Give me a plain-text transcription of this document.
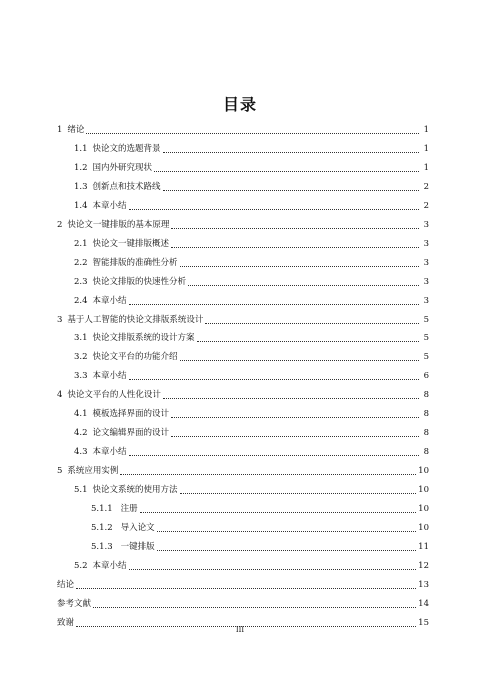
目录
1 绪论	1
1.1 快论文的选题背景	1
1.2 国内外研究现状	1
1.3 创新点和技术路线	2
1.4 本章小结	2
2 快论文一键排版的基本原理	3
2.1 快论文一键排版概述	3
2.2 智能排版的准确性分析	3
2.3 快论文排版的快速性分析	3
2.4 本章小结	3
3 基于人工智能的快论文排版系统设计	5
3.1 快论文排版系统的设计方案	5
3.2 快论文平台的功能介绍	5
3.3 本章小结	6
4 快论文平台的人性化设计	8
4.1 模板选择界面的设计	8
4.2 论文编辑界面的设计	8
4.3 本章小结	8
5 系统应用实例	10
5.1 快论文系统的使用方法	10
5.1.1 注册	10
5.1.2 导入论文	10
5.1.3 一键排版	11
5.2 本章小结	12
结论	13
参考文献	14
致谢	15
III
